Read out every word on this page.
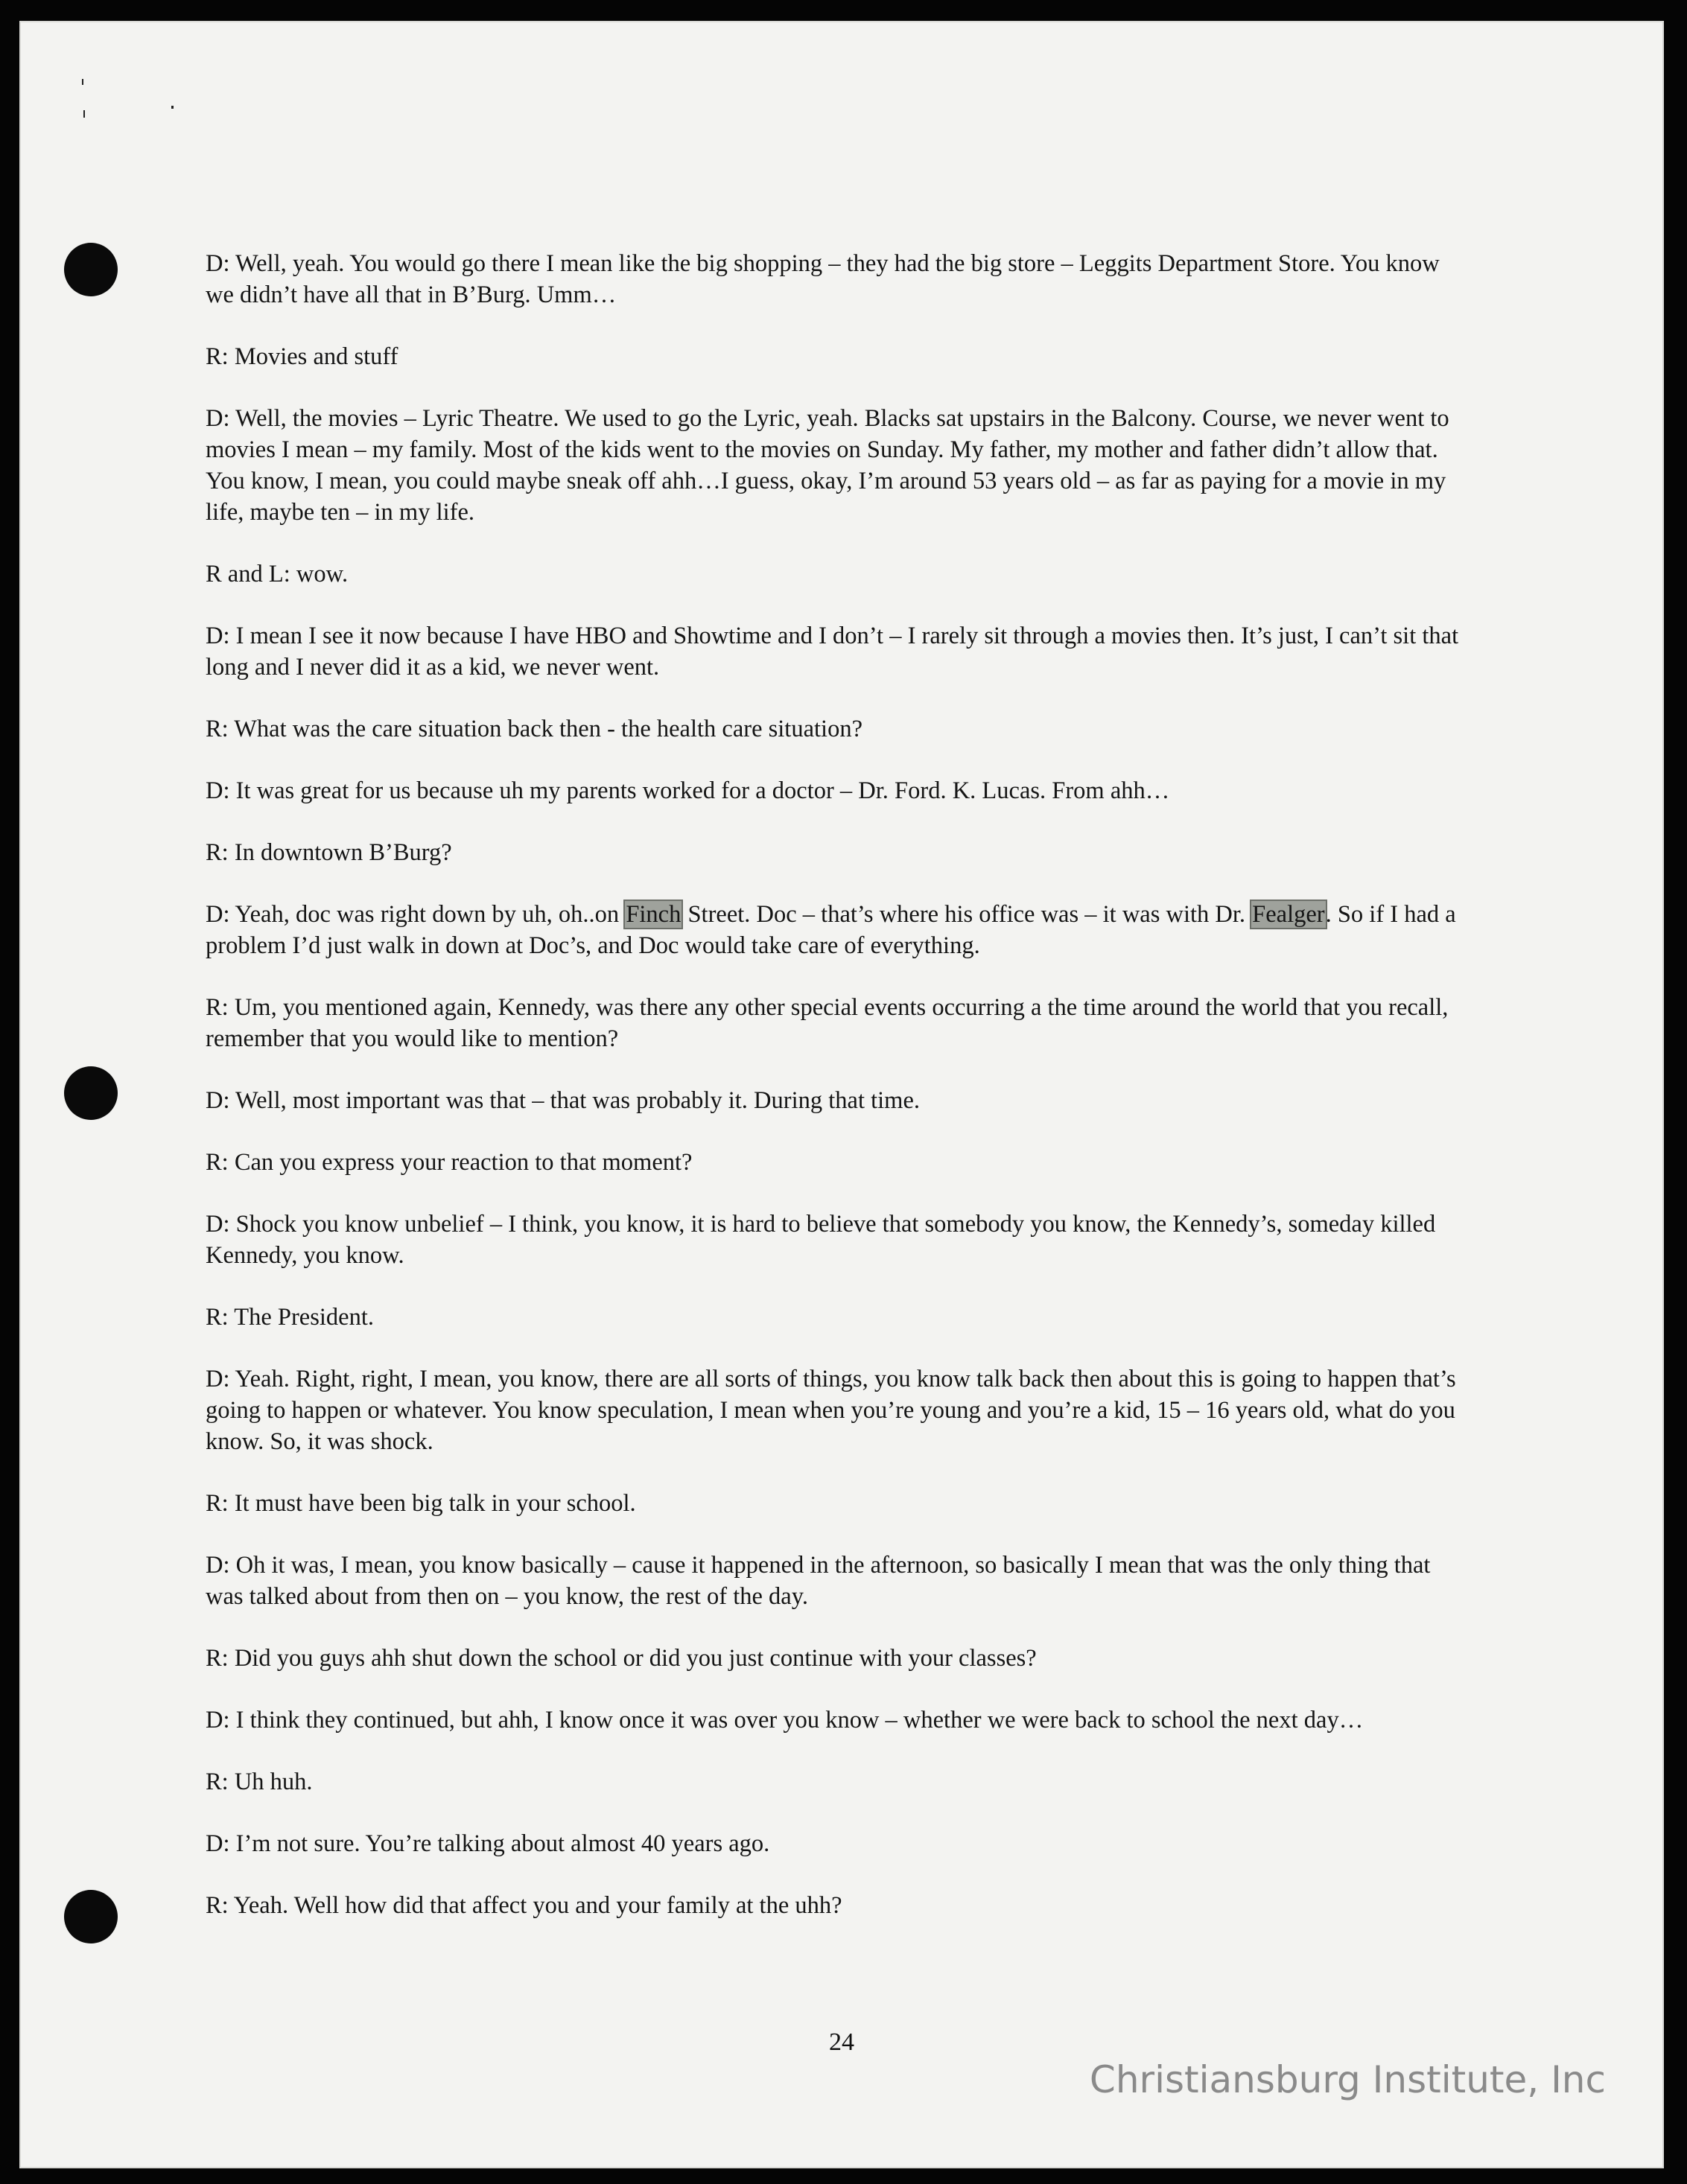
D: Well, yeah. You would go there I mean like the big shopping – they had the big store – Leggits Department Store. You know we didn’t have all that in B’Burg. Umm…

R: Movies and stuff

D: Well, the movies – Lyric Theatre. We used to go the Lyric, yeah. Blacks sat upstairs in the Balcony. Course, we never went to movies I mean – my family. Most of the kids went to the movies on Sunday. My father, my mother and father didn’t allow that. You know, I mean, you could maybe sneak off ahh…I guess, okay, I’m around 53 years old – as far as paying for a movie in my life, maybe ten – in my life.

R and L: wow.

D: I mean I see it now because I have HBO and Showtime and I don’t – I rarely sit through a movies then. It’s just, I can’t sit that long and I never did it as a kid, we never went.

R: What was the care situation back then - the health care situation?

D: It was great for us because uh my parents worked for a doctor – Dr. Ford. K. Lucas. From ahh…

R: In downtown B’Burg?

D: Yeah, doc was right down by uh, oh..on Finch Street. Doc – that’s where his office was – it was with Dr. Fealger. So if I had a problem I’d just walk in down at Doc’s, and Doc would take care of everything.

R: Um, you mentioned again, Kennedy, was there any other special events occurring a the time around the world that you recall, remember that you would like to mention?

D: Well, most important was that – that was probably it. During that time.

R: Can you express your reaction to that moment?

D: Shock you know unbelief – I think, you know, it is hard to believe that somebody you know, the Kennedy’s, someday killed Kennedy, you know.

R: The President.

D: Yeah. Right, right, I mean, you know, there are all sorts of things, you know talk back then about this is going to happen that’s going to happen or whatever. You know speculation, I mean when you’re young and you’re a kid, 15 – 16 years old, what do you know. So, it was shock.

R: It must have been big talk in your school.

D: Oh it was, I mean, you know basically – cause it happened in the afternoon, so basically I mean that was the only thing that was talked about from then on – you know, the rest of the day.

R: Did you guys ahh shut down the school or did you just continue with your classes?

D: I think they continued, but ahh, I know once it was over you know – whether we were back to school the next day…

R: Uh huh.

D: I’m not sure. You’re talking about almost 40 years ago.

R: Yeah. Well how did that affect you and your family at the uhh?

24
Christiansburg Institute, Inc
